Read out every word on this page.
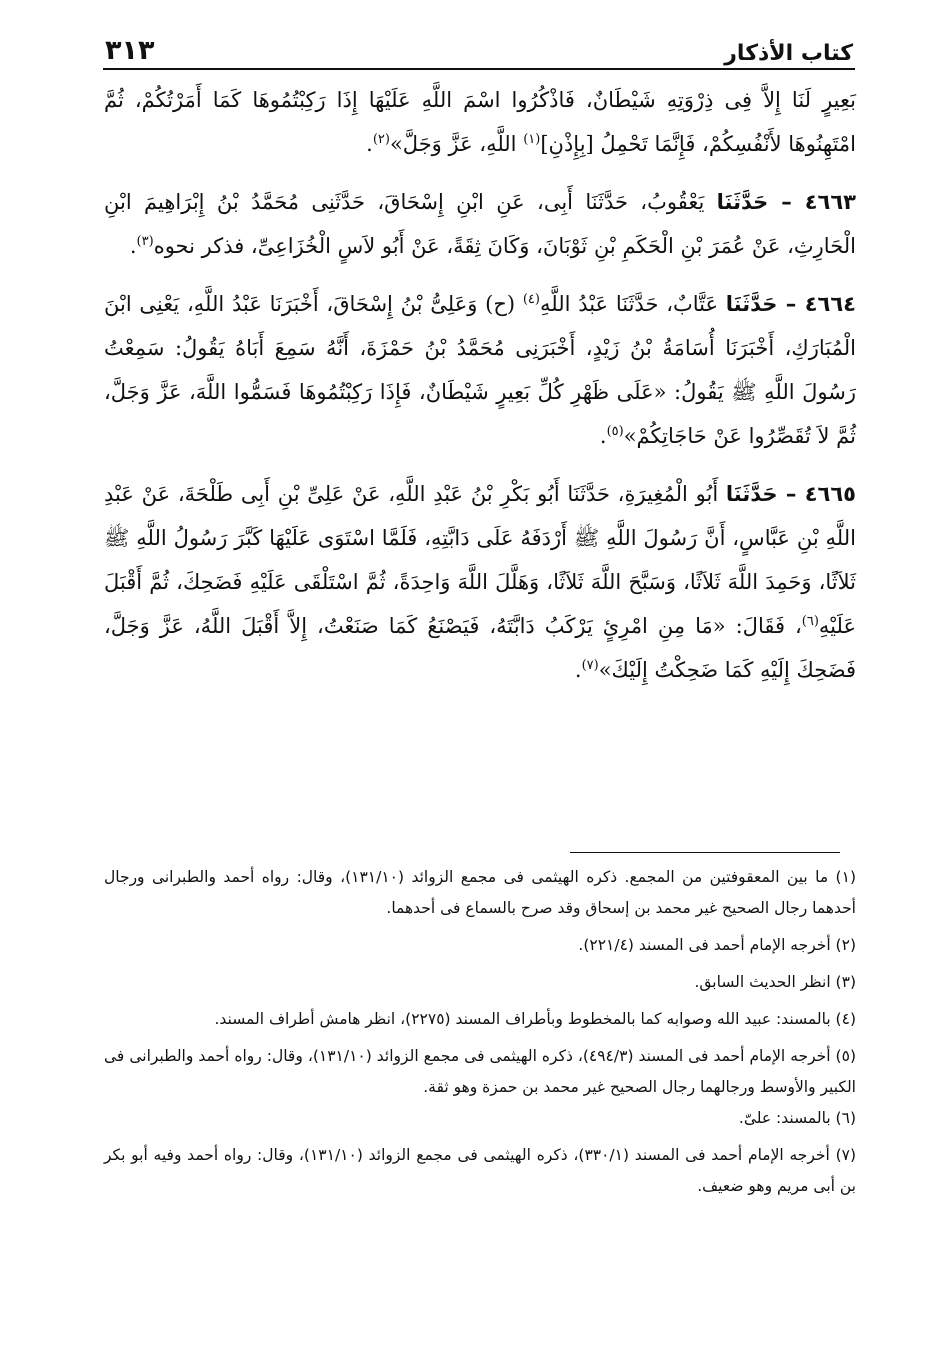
كتاب الأذكار
٣١٣

بَعِيرٍ لَنَا إِلاَّ فِى ذِرْوَتِهِ شَيْطَانٌ، فَاذْكُرُوا اسْمَ اللَّهِ عَلَيْهَا إِذَا رَكِبْتُمُوهَا كَمَا أَمَرْتُكُمْ، ثُمَّ امْتَهِنُوهَا لأَنْفُسِكُمْ، فَإِنَّمَا تَحْمِلُ [بِإِذْنِ]$^{(١)}$ اللَّهِ، عَزَّ وَجَلَّ»$^{(٢)}$.

٤٦٦٣ – حَدَّثَنَا يَعْقُوبُ، حَدَّثَنَا أَبِى، عَنِ ابْنِ إِسْحَاقَ، حَدَّثَنِى مُحَمَّدُ بْنُ إِبْرَاهِيمَ ابْنِ الْحَارِثِ، عَنْ عُمَرَ بْنِ الْحَكَمِ بْنِ ثَوْبَانَ، وَكَانَ ثِقَةً، عَنْ أَبُو لاَسٍ الْخُزَاعِىِّ، فذكر نحوه$^{(٣)}$.

٤٦٦٤ – حَدَّثَنَا عَتَّابٌ، حَدَّثَنَا عَبْدُ اللَّهِ$^{(٤)}$ (ح) وَعَلِىُّ بْنُ إِسْحَاقَ، أَخْبَرَنَا عَبْدُ اللَّهِ، يَعْنِى ابْنَ الْمُبَارَكِ، أَخْبَرَنَا أُسَامَةُ بْنُ زَيْدٍ، أَخْبَرَنِى مُحَمَّدُ بْنُ حَمْزَةَ، أَنَّهُ سَمِعَ أَبَاهُ يَقُولُ: سَمِعْتُ رَسُولَ اللَّهِ ﷺ يَقُولُ: «عَلَى ظَهْرِ كُلِّ بَعِيرٍ شَيْطَانٌ، فَإِذَا رَكِبْتُمُوهَا فَسَمُّوا اللَّهَ، عَزَّ وَجَلَّ، ثُمَّ لاَ تُقَصِّرُوا عَنْ حَاجَاتِكُمْ»$^{(٥)}$.

٤٦٦٥ – حَدَّثَنَا أَبُو الْمُغِيرَةِ، حَدَّثَنَا أَبُو بَكْرِ بْنُ عَبْدِ اللَّهِ، عَنْ عَلِىِّ بْنِ أَبِى طَلْحَةَ، عَنْ عَبْدِ اللَّهِ بْنِ عَبَّاسٍ، أَنَّ رَسُولَ اللَّهِ ﷺ أَرْدَفَهُ عَلَى دَابَّتِهِ، فَلَمَّا اسْتَوَى عَلَيْهَا كَبَّرَ رَسُولُ اللَّهِ ﷺ ثَلاَثًا، وَحَمِدَ اللَّهَ ثَلاَثًا، وَسَبَّحَ اللَّهَ ثَلاَثًا، وَهَلَّلَ اللَّهَ وَاحِدَةً، ثُمَّ اسْتَلْقَى عَلَيْهِ فَضَحِكَ، ثُمَّ أَقْبَلَ عَلَيْهِ$^{(٦)}$، فَقَالَ: «مَا مِنِ امْرِئٍ يَرْكَبُ دَابَّتَهُ، فَيَصْنَعُ كَمَا صَنَعْتُ، إِلاَّ أَقْبَلَ اللَّهُ، عَزَّ وَجَلَّ، فَضَحِكَ إِلَيْهِ كَمَا ضَحِكْتُ إِلَيْكَ»$^{(٧)}$.

(١) ما بين المعقوفتين من المجمع. ذكره الهيثمى فى مجمع الزوائد (١٣١/١٠)، وقال: رواه أحمد والطبرانى ورجال أحدهما رجال الصحيح غير محمد بن إسحاق وقد صرح بالسماع فى أحدهما.

(٢) أخرجه الإمام أحمد فى المسند (٢٢١/٤).

(٣) انظر الحديث السابق.

(٤) بالمسند: عبيد الله وصوابه كما بالمخطوط وبأطراف المسند (٢٢٧٥)، انظر هامش أطراف المسند.

(٥) أخرجه الإمام أحمد فى المسند (٤٩٤/٣)، ذكره الهيثمى فى مجمع الزوائد (١٣١/١٠)، وقال: رواه أحمد والطبرانى فى الكبير والأوسط ورجالهما رجال الصحيح غير محمد بن حمزة وهو ثقة.

(٦) بالمسند: علىّ.

(٧) أخرجه الإمام أحمد فى المسند (٣٣٠/١)، ذكره الهيثمى فى مجمع الزوائد (١٣١/١٠)، وقال: رواه أحمد وفيه أبو بكر بن أبى مريم وهو ضعيف.
